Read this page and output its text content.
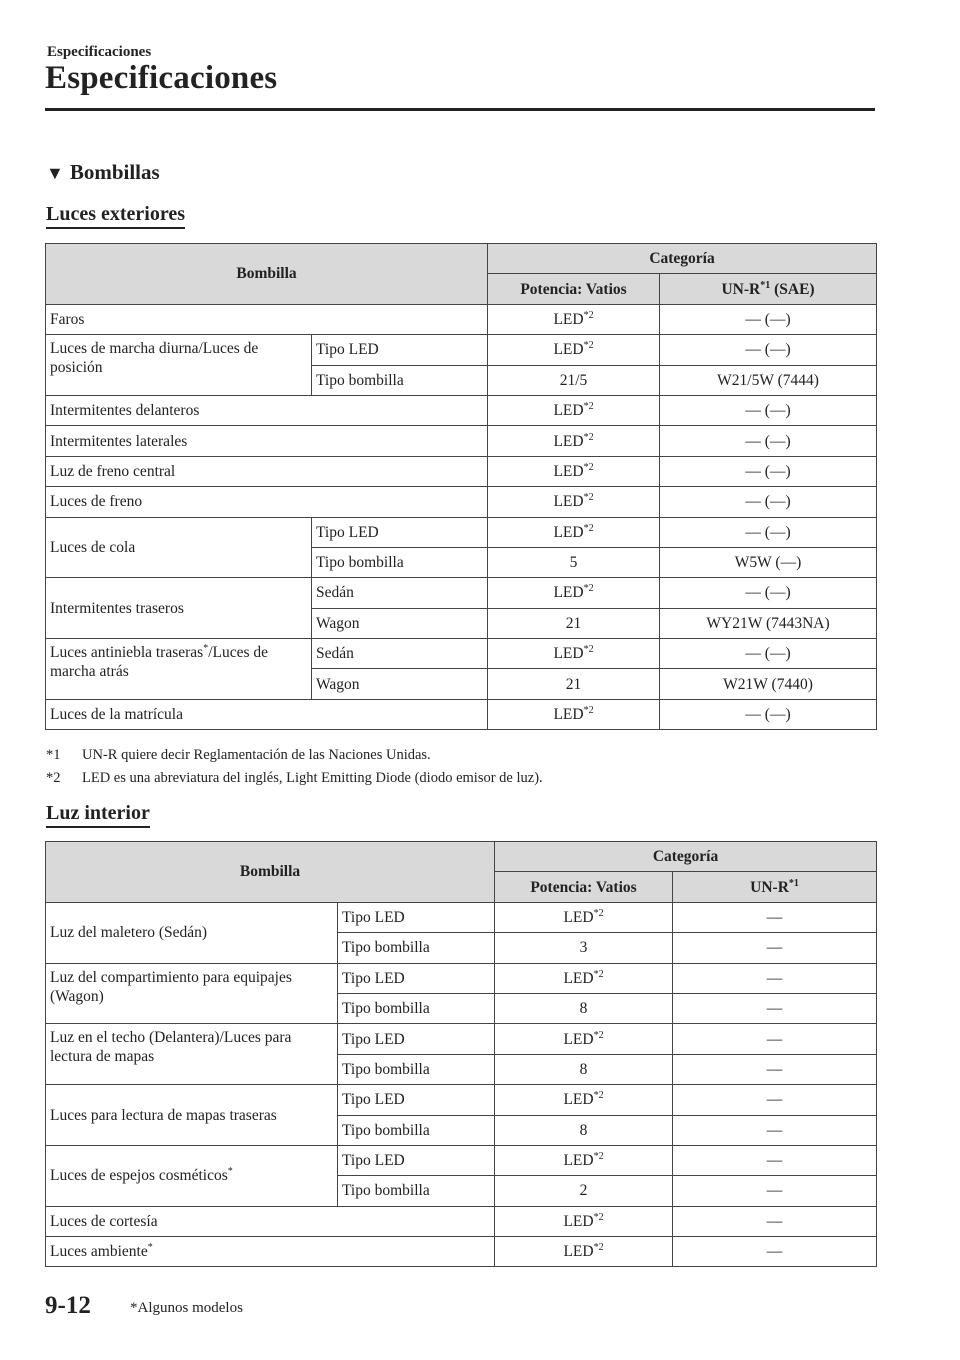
Especificaciones
Especificaciones
▼ Bombillas
Luces exteriores
Bombilla		Categoría	
		Potencia: Vatios	$UN-R^{*1}$ (SAE)
Faros		LED$^{*2}$	— (—)
Luces de marcha diurna/Luces de posición	Tipo LED	LED$^{*2}$	— (—)
	Tipo bombilla	21/5	W21/5W (7444)
Intermitentes delanteros		LED$^{*2}$	— (—)
Intermitentes laterales		LED$^{*2}$	— (—)
Luz de freno central		LED$^{*2}$	— (—)
Luces de freno		LED$^{*2}$	— (—)
Luces de cola	Tipo LED	LED$^{*2}$	— (—)
	Tipo bombilla	5	W5W (—)
Intermitentes traseros	Sedán	LED$^{*2}$	— (—)
	Wagon	21	WY21W (7443NA)
Luces antiniebla traseras*/Luces de marcha atrás	Sedán	LED$^{*2}$	— (—)
	Wagon	21	W21W (7440)
Luces de la matrícula		LED$^{*2}$	— (—)
*1	UN-R quiere decir Reglamentación de las Naciones Unidas.
*2	LED es una abreviatura del inglés, Light Emitting Diode (diodo emisor de luz).
Luz interior
Bombilla		Categoría	
		Potencia: Vatios	$UN-R^{*1}$
Luz del maletero (Sedán)	Tipo LED	LED$^{*2}$	—
	Tipo bombilla	3	—
Luz del compartimiento para equipajes (Wagon)	Tipo LED	LED$^{*2}$	—
	Tipo bombilla	8	—
Luz en el techo (Delantera)/Luces para lectura de mapas	Tipo LED	LED$^{*2}$	—
	Tipo bombilla	8	—
Luces para lectura de mapas traseras	Tipo LED	LED$^{*2}$	—
	Tipo bombilla	8	—
Luces de espejos cosméticos*	Tipo LED	LED$^{*2}$	—
	Tipo bombilla	2	—
Luces de cortesía		LED$^{*2}$	—
Luces ambiente*		LED$^{*2}$	—
9-12	*Algunos modelos
